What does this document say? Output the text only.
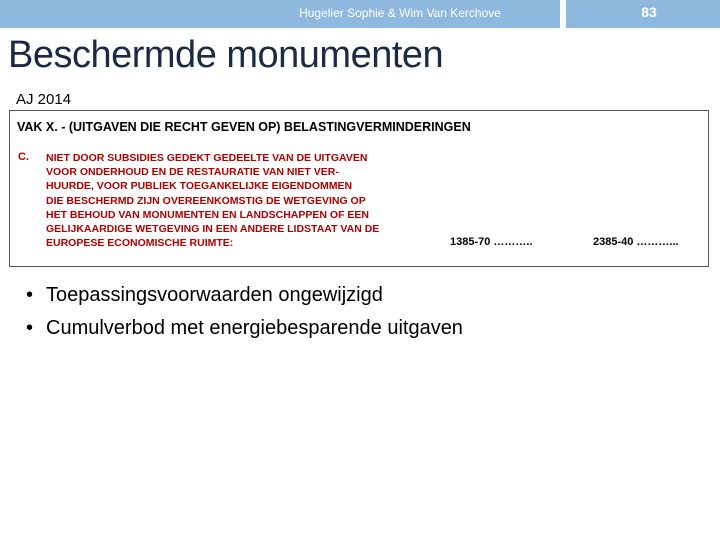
Hugelier Sophie & Wim Van Kerchove	83
Beschermde monumenten
AJ 2014
VAK X. - (UITGAVEN DIE RECHT GEVEN OP) BELASTINGVERMINDERINGEN
C. NIET DOOR SUBSIDIES GEDEKT GEDEELTE VAN DE UITGAVEN
VOOR ONDERHOUD EN DE RESTAURATIE VAN NIET VER-
HUURDE, VOOR PUBLIEK TOEGANKELIJKE EIGENDOMMEN
DIE BESCHERMD ZIJN OVEREENKOMSTIG DE WETGEVING OP
HET BEHOUD VAN MONUMENTEN EN LANDSCHAPPEN OF EEN
GELIJKAARDIGE WETGEVING IN EEN ANDERE LIDSTAAT VAN DE
EUROPESE ECONOMISCHE RUIMTE:	1385-70 ………..	2385-40 ………...
• Toepassingsvoorwaarden ongewijzigd
• Cumulverbod met energiebesparende uitgaven
